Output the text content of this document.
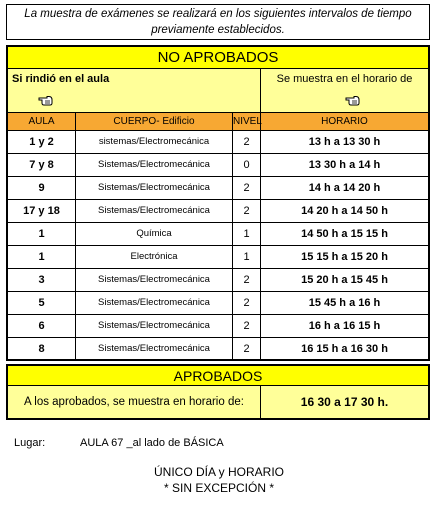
La muestra de exámenes se realizará en los siguientes intervalos de tiempo
previamente establecidos.
NO APROBADOS
Si rindió en el aula	Se muestra en el horario de
AULA	CUERPO- Edificio	NIVEL	HORARIO
1 y 2	sistemas/Electromecánica	2	13 h a 13 30 h
7 y 8	Sistemas/Electromecánica	0	13 30 h a 14 h
9	Sistemas/Electromecánica	2	14 h a 14 20 h
17 y 18	Sistemas/Electromecánica	2	14 20 h a 14 50 h
1	Química	1	14 50 h a 15 15 h
1	Electrónica	1	15 15 h a 15 20 h
3	Sistemas/Electromecánica	2	15 20 h a 15 45 h
5	Sistemas/Electromecánica	2	15 45 h a 16 h
6	Sistemas/Electromecánica	2	16 h a 16 15 h
8	Sistemas/Electromecánica	2	16 15 h a 16 30 h
APROBADOS
A los aprobados, se muestra en horario de:	16 30 a 17 30 h.
Lugar:	AULA 67 _al lado de BÁSICA
ÚNICO DÍA y HORARIO
* SIN EXCEPCIÓN *
